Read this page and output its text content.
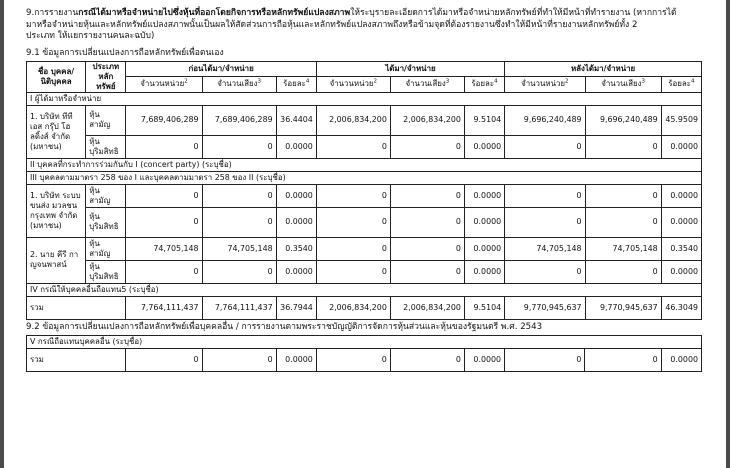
9.การรายงานกรณีได้มาหรือจำหน่ายไปซึ่งหุ้นที่ออกโดยกิจการหรือหลักทรัพย์แปลงสภาพให้ระบุรายละเอียดการได้มาหรือจำหน่ายหลักทรัพย์ที่ทำให้มีหน้าที่ทำรายงาน (หากการได้
มาหรือจำหน่ายหุ้นและหลักทรัพย์แปลงสภาพนั้นเป็นผลให้สัดส่วนการถือหุ้นและหลักทรัพย์แปลงสภาพถึงหรือข้ามจุดที่ต้องรายงานซึ่งทำให้มีหน้าที่รายงานหลักทรัพย์ทั้ง 2
ประเภท ให้แยกรายงานคนละฉบับ)

9.1 ข้อมูลการเปลี่ยนแปลงการถือหลักทรัพย์เพื่อตนเอง
ชื่อ บุคคล/นิติบุคคล	ประเภท หลักทรัพย์	ก่อนได้มา/จำหน่าย			ได้มา/จำหน่าย			หลังได้มา/จำหน่าย		
		จำนวนหน่วย$^2$	จำนวนเสียง$^3$	ร้อยละ$^4$	จำนวนหน่วย$^2$	จำนวนเสียง$^3$	ร้อยละ$^4$	จำนวนหน่วย$^2$	จำนวนเสียง$^3$	ร้อยละ$^4$
I ผู้ได้มาหรือจำหน่าย										
1. บริษัท ทีที เอส กรุ๊ป โฮ ลดิ้งส์ จำกัด (มหาชน)	หุ้น สามัญ	7,689,406,289	7,689,406,289	36.4404	2,006,834,200	2,006,834,200	9.5104	9,696,240,489	9,696,240,489	45.9509
	หุ้น บุริมสิทธิ	0	0	0.0000	0	0	0.0000	0	0	0.0000
II บุคคลที่กระทำการร่วมกันกับ I (concert party) (ระบุชื่อ)										
III บุคคลตามมาตรา 258 ของ I และบุคคลตามมาตรา 258 ของ II (ระบุชื่อ)										
1. บริษัท ระบบขนส่ง มวลชน กรุงเทพ จำกัด (มหาชน)	หุ้น สามัญ	0	0	0.0000	0	0	0.0000	0	0	0.0000
	หุ้น บุริมสิทธิ	0	0	0.0000	0	0	0.0000	0	0	0.0000
2. นาย คีรี กา ญจนพาสน์	หุ้น สามัญ	74,705,148	74,705,148	0.3540	0	0	0.0000	74,705,148	74,705,148	0.3540
	หุ้น บุริมสิทธิ	0	0	0.0000	0	0	0.0000	0	0	0.0000
IV กรณีให้บุคคลอื่นถือแทน5 (ระบุชื่อ)										
รวม		7,764,111,437	7,764,111,437	36.7944	2,006,834,200	2,006,834,200	9.5104	9,770,945,637	9,770,945,637	46.3049
9.2 ข้อมูลการเปลี่ยนแปลงการถือหลักทรัพย์เพื่อบุคคลอื่น / การรายงานตามพระราชบัญญัติการจัดการหุ้นส่วนและหุ้นของรัฐมนตรี พ.ศ. 2543
V กรณีถือแทนบุคคลอื่น (ระบุชื่อ)
รวม	0	0	0.0000	0	0	0.0000	0	0	0.0000
